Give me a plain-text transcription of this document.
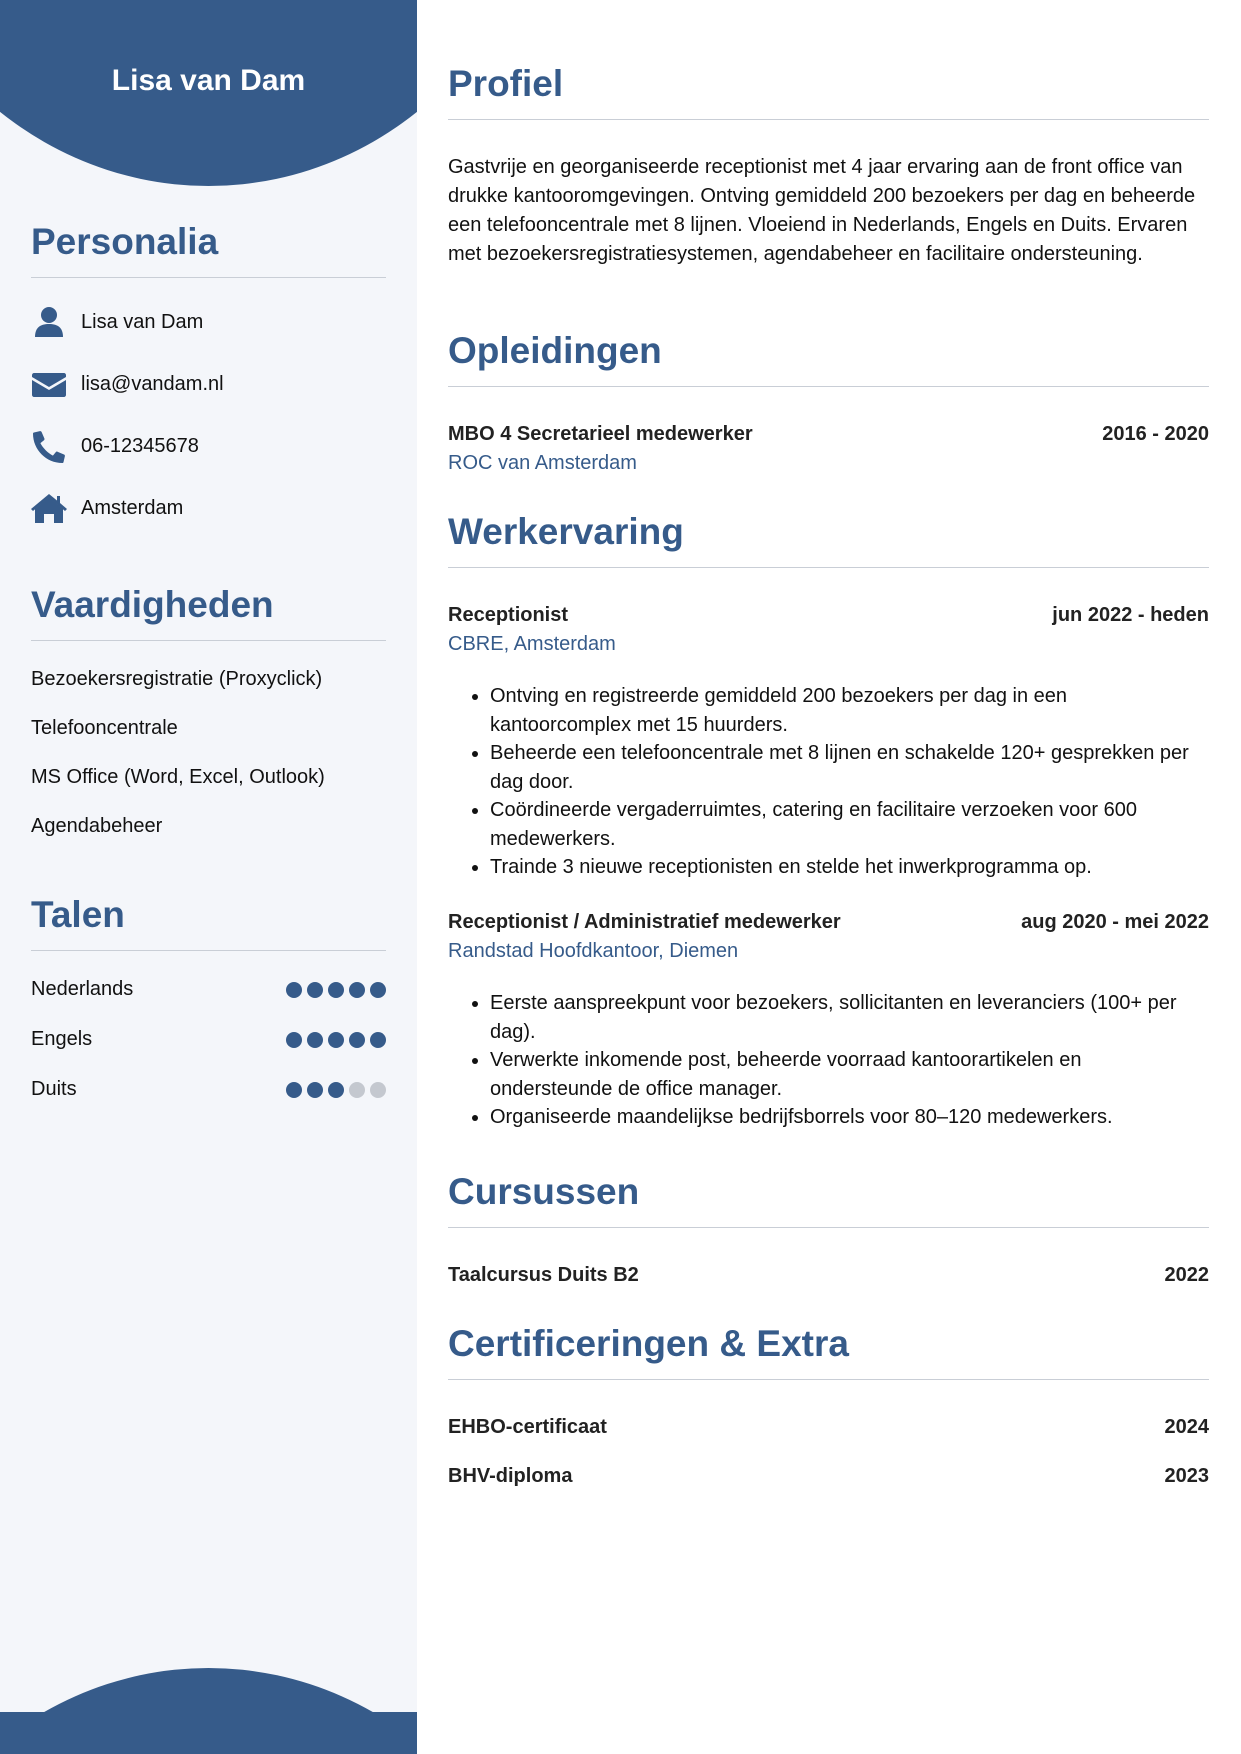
Lisa van Dam
Personalia
Lisa van Dam
lisa@vandam.nl
06-12345678
Amsterdam
Vaardigheden
Bezoekersregistratie (Proxyclick)
Telefooncentrale
MS Office (Word, Excel, Outlook)
Agendabeheer
Talen
Nederlands
Engels
Duits
Profiel
Gastvrije en georganiseerde receptionist met 4 jaar ervaring aan de front office van drukke kantooromgevingen. Ontving gemiddeld 200 bezoekers per dag en beheerde een telefooncentrale met 8 lijnen. Vloeiend in Nederlands, Engels en Duits. Ervaren met bezoekersregistratiesystemen, agendabeheer en facilitaire ondersteuning.
Opleidingen
MBO 4 Secretarieel medewerker	2016 - 2020
ROC van Amsterdam
Werkervaring
Receptionist	jun 2022 - heden
CBRE, Amsterdam
• Ontving en registreerde gemiddeld 200 bezoekers per dag in een kantoorcomplex met 15 huurders.
• Beheerde een telefooncentrale met 8 lijnen en schakelde 120+ gesprekken per dag door.
• Coördineerde vergaderruimtes, catering en facilitaire verzoeken voor 600 medewerkers.
• Trainde 3 nieuwe receptionisten en stelde het inwerkprogramma op.
Receptionist / Administratief medewerker	aug 2020 - mei 2022
Randstad Hoofdkantoor, Diemen
• Eerste aanspreekpunt voor bezoekers, sollicitanten en leveranciers (100+ per dag).
• Verwerkte inkomende post, beheerde voorraad kantoorartikelen en ondersteunde de office manager.
• Organiseerde maandelijkse bedrijfsborrels voor 80–120 medewerkers.
Cursussen
Taalcursus Duits B2	2022
Certificeringen & Extra
EHBO-certificaat	2024
BHV-diploma	2023
